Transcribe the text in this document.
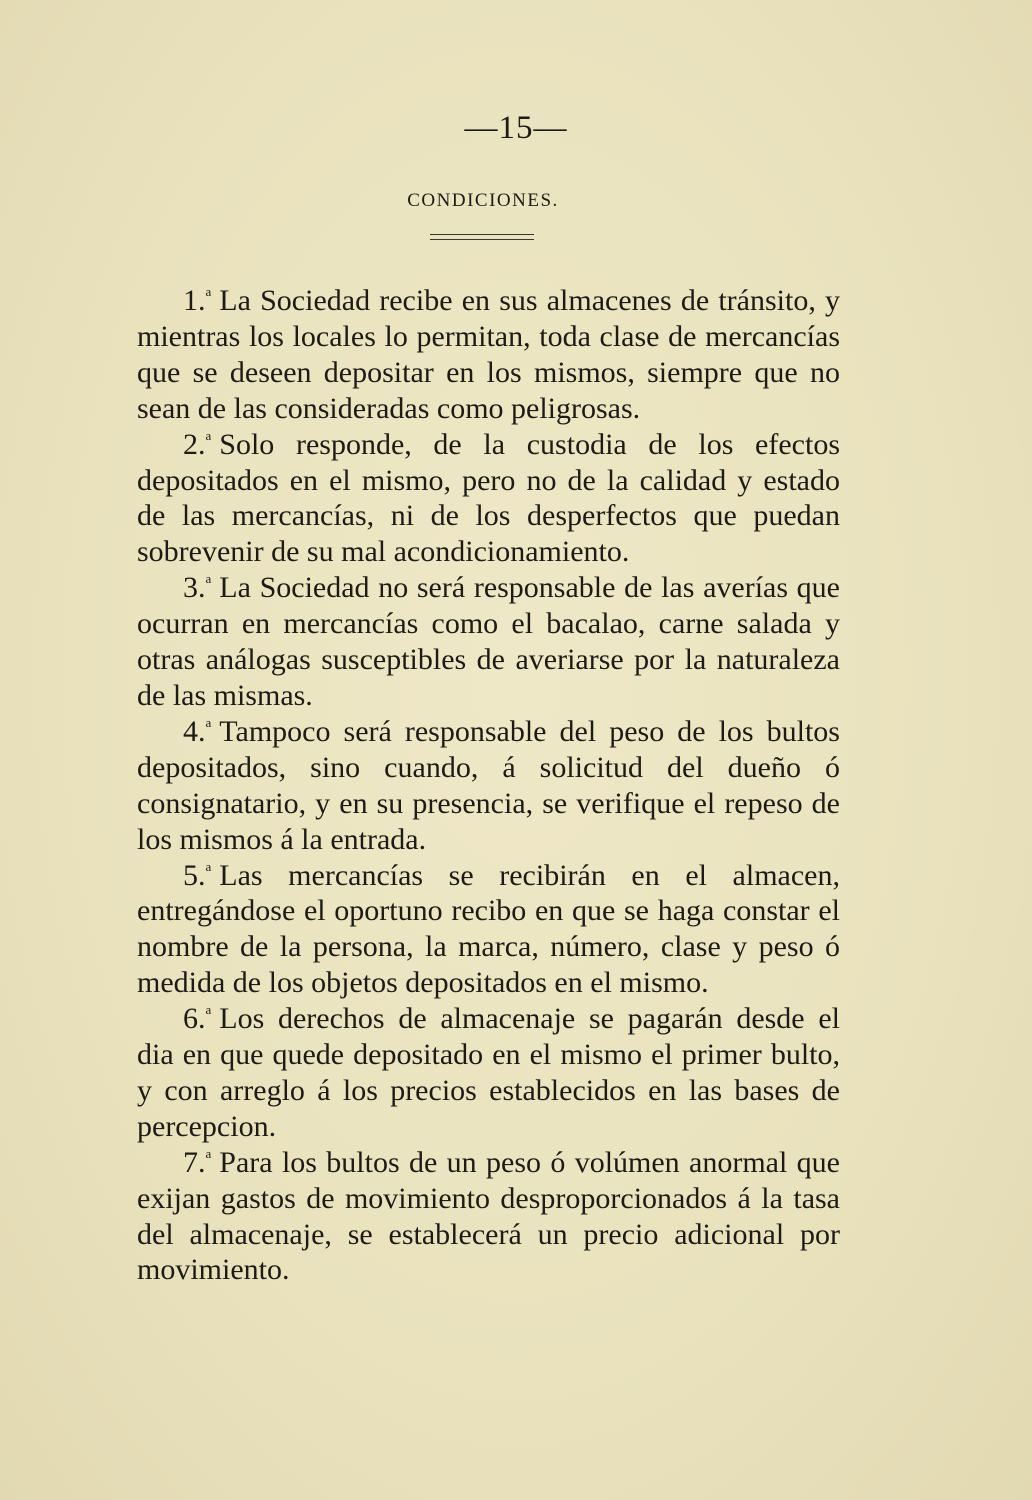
—15—
CONDICIONES.

1.$^a$ La Sociedad recibe en sus almacenes de tránsito, y mientras los locales lo permitan, toda clase de mercancías que se deseen depositar en los mismos, siempre que no sean de las consideradas como peligrosas.

2.$^a$ Solo responde, de la custodia de los efectos depositados en el mismo, pero no de la calidad y estado de las mercancías, ni de los desperfectos que puedan sobrevenir de su mal acondicionamiento.

3.$^a$ La Sociedad no será responsable de las averías que ocurran en mercancías como el bacalao, carne salada y otras análogas susceptibles de averiarse por la naturaleza de las mismas.

4.$^a$ Tampoco será responsable del peso de los bultos depositados, sino cuando, á solicitud del dueño ó consignatario, y en su presencia, se verifique el repeso de los mismos á la entrada.

5.$^a$ Las mercancías se recibirán en el almacen, entregándose el oportuno recibo en que se haga constar el nombre de la persona, la marca, número, clase y peso ó medida de los objetos depositados en el mismo.

6.$^a$ Los derechos de almacenaje se pagarán desde el dia en que quede depositado en el mismo el primer bulto, y con arreglo á los precios establecidos en las bases de percepcion.

7.$^a$ Para los bultos de un peso ó volúmen anormal que exijan gastos de movimiento desproporcionados á la tasa del almacenaje, se establecerá un precio adicional por movimiento.
